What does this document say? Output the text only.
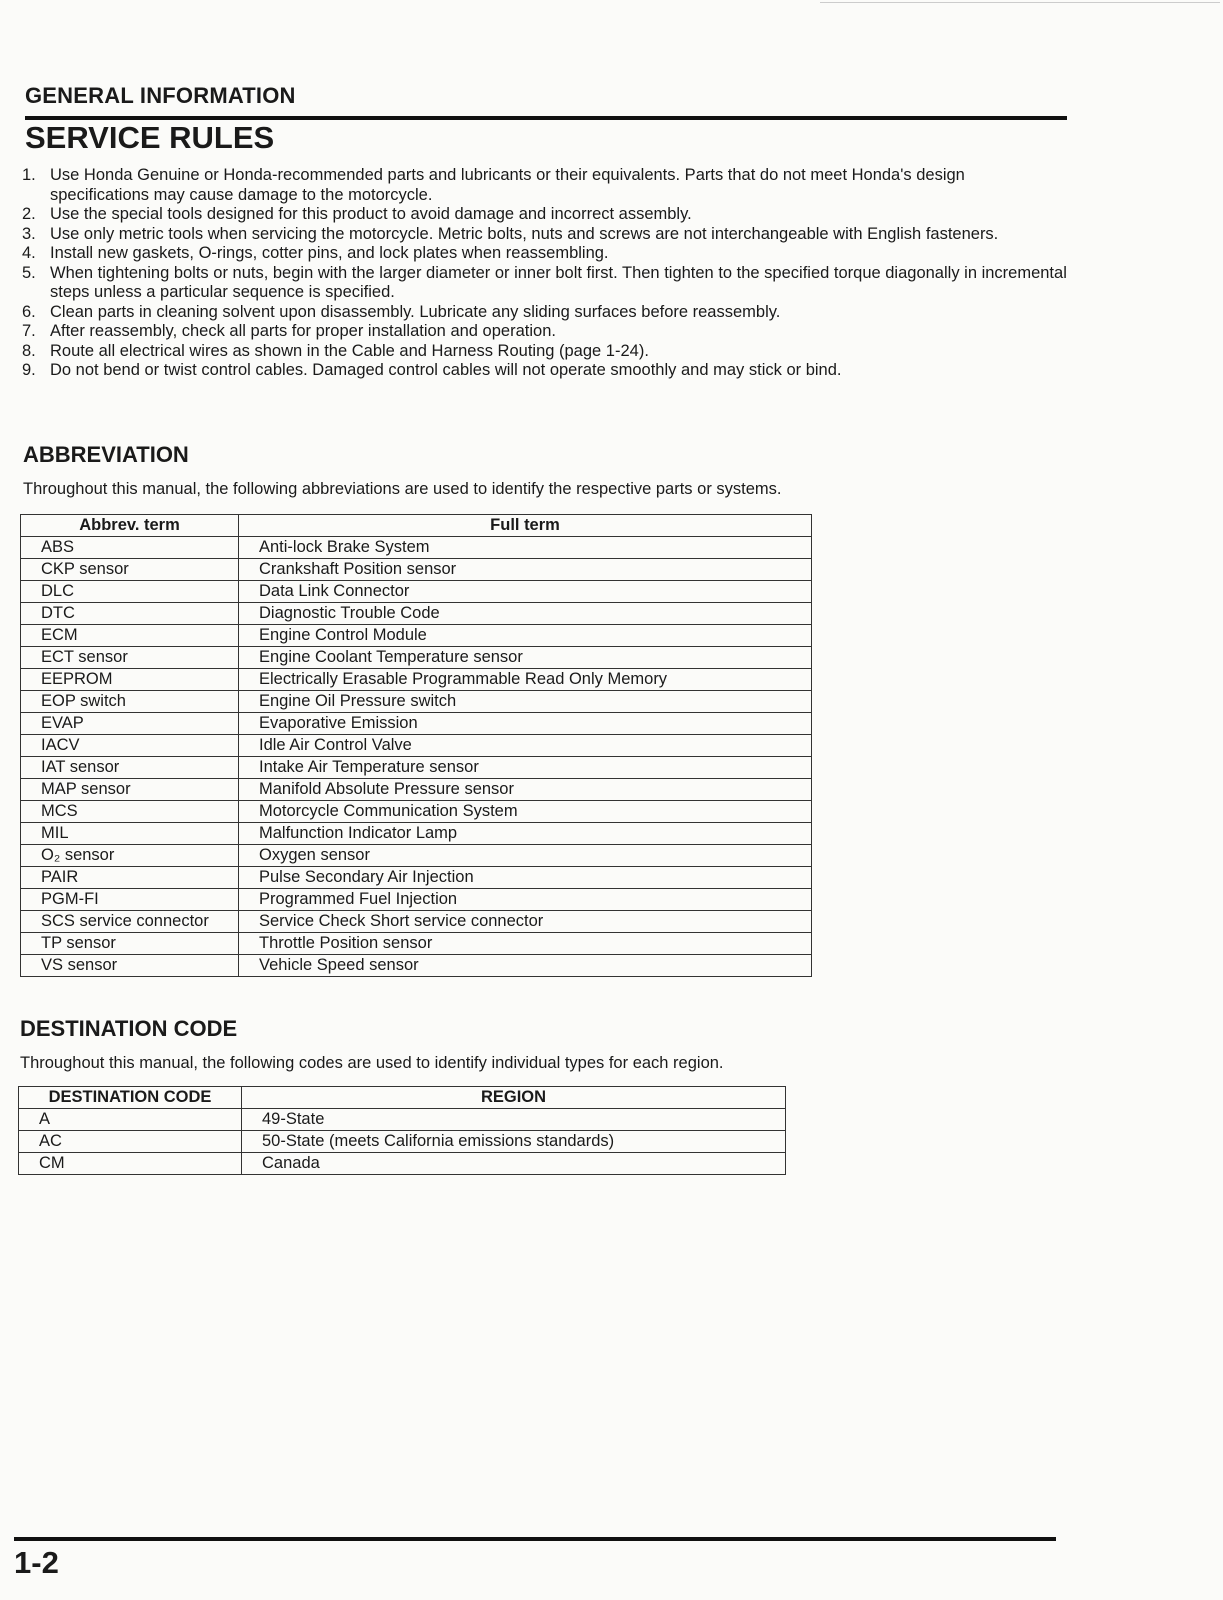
GENERAL INFORMATION
SERVICE RULES
1. Use Honda Genuine or Honda-recommended parts and lubricants or their equivalents. Parts that do not meet Honda's design specifications may cause damage to the motorcycle.
2. Use the special tools designed for this product to avoid damage and incorrect assembly.
3. Use only metric tools when servicing the motorcycle. Metric bolts, nuts and screws are not interchangeable with English fasteners.
4. Install new gaskets, O-rings, cotter pins, and lock plates when reassembling.
5. When tightening bolts or nuts, begin with the larger diameter or inner bolt first. Then tighten to the specified torque diagonally in incremental steps unless a particular sequence is specified.
6. Clean parts in cleaning solvent upon disassembly. Lubricate any sliding surfaces before reassembly.
7. After reassembly, check all parts for proper installation and operation.
8. Route all electrical wires as shown in the Cable and Harness Routing (page 1-24).
9. Do not bend or twist control cables. Damaged control cables will not operate smoothly and may stick or bind.
ABBREVIATION
Throughout this manual, the following abbreviations are used to identify the respective parts or systems.
Abbrev. term	Full term
ABS	Anti-lock Brake System
CKP sensor	Crankshaft Position sensor
DLC	Data Link Connector
DTC	Diagnostic Trouble Code
ECM	Engine Control Module
ECT sensor	Engine Coolant Temperature sensor
EEPROM	Electrically Erasable Programmable Read Only Memory
EOP switch	Engine Oil Pressure switch
EVAP	Evaporative Emission
IACV	Idle Air Control Valve
IAT sensor	Intake Air Temperature sensor
MAP sensor	Manifold Absolute Pressure sensor
MCS	Motorcycle Communication System
MIL	Malfunction Indicator Lamp
O₂ sensor	Oxygen sensor
PAIR	Pulse Secondary Air Injection
PGM-FI	Programmed Fuel Injection
SCS service connector	Service Check Short service connector
TP sensor	Throttle Position sensor
VS sensor	Vehicle Speed sensor
DESTINATION CODE
Throughout this manual, the following codes are used to identify individual types for each region.
DESTINATION CODE	REGION
A	49-State
AC	50-State (meets California emissions standards)
CM	Canada
1-2
